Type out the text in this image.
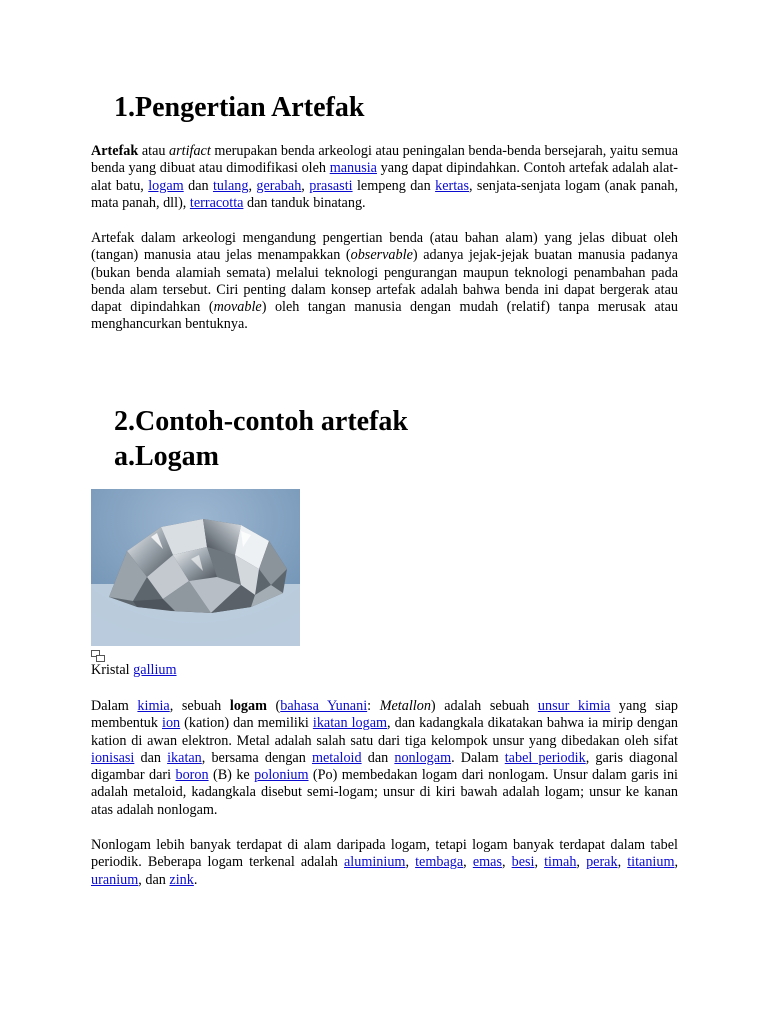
1.Pengertian Artefak

Artefak atau artifact merupakan benda arkeologi atau peningalan benda-benda bersejarah, yaitu semua benda yang dibuat atau dimodifikasi oleh manusia yang dapat dipindahkan. Contoh artefak adalah alat-alat batu, logam dan tulang, gerabah, prasasti lempeng dan kertas, senjata-senjata logam (anak panah, mata panah, dll), terracotta dan tanduk binatang.

Artefak dalam arkeologi mengandung pengertian benda (atau bahan alam) yang jelas dibuat oleh (tangan) manusia atau jelas menampakkan (observable) adanya jejak-jejak buatan manusia padanya (bukan benda alamiah semata) melalui teknologi pengurangan maupun teknologi penambahan pada benda alam tersebut. Ciri penting dalam konsep artefak adalah bahwa benda ini dapat bergerak atau dapat dipindahkan (movable) oleh tangan manusia dengan mudah (relatif) tanpa merusak atau menghancurkan bentuknya.

2.Contoh-contoh artefak
a.Logam
Kristal gallium

Dalam kimia, sebuah logam (bahasa Yunani: Metallon) adalah sebuah unsur kimia yang siap membentuk ion (kation) dan memiliki ikatan logam, dan kadangkala dikatakan bahwa ia mirip dengan kation di awan elektron. Metal adalah salah satu dari tiga kelompok unsur yang dibedakan oleh sifat ionisasi dan ikatan, bersama dengan metaloid dan nonlogam. Dalam tabel periodik, garis diagonal digambar dari boron (B) ke polonium (Po) membedakan logam dari nonlogam. Unsur dalam garis ini adalah metaloid, kadangkala disebut semi-logam; unsur di kiri bawah adalah logam; unsur ke kanan atas adalah nonlogam.

Nonlogam lebih banyak terdapat di alam daripada logam, tetapi logam banyak terdapat dalam tabel periodik. Beberapa logam terkenal adalah aluminium, tembaga, emas, besi, timah, perak, titanium, uranium, dan zink.
